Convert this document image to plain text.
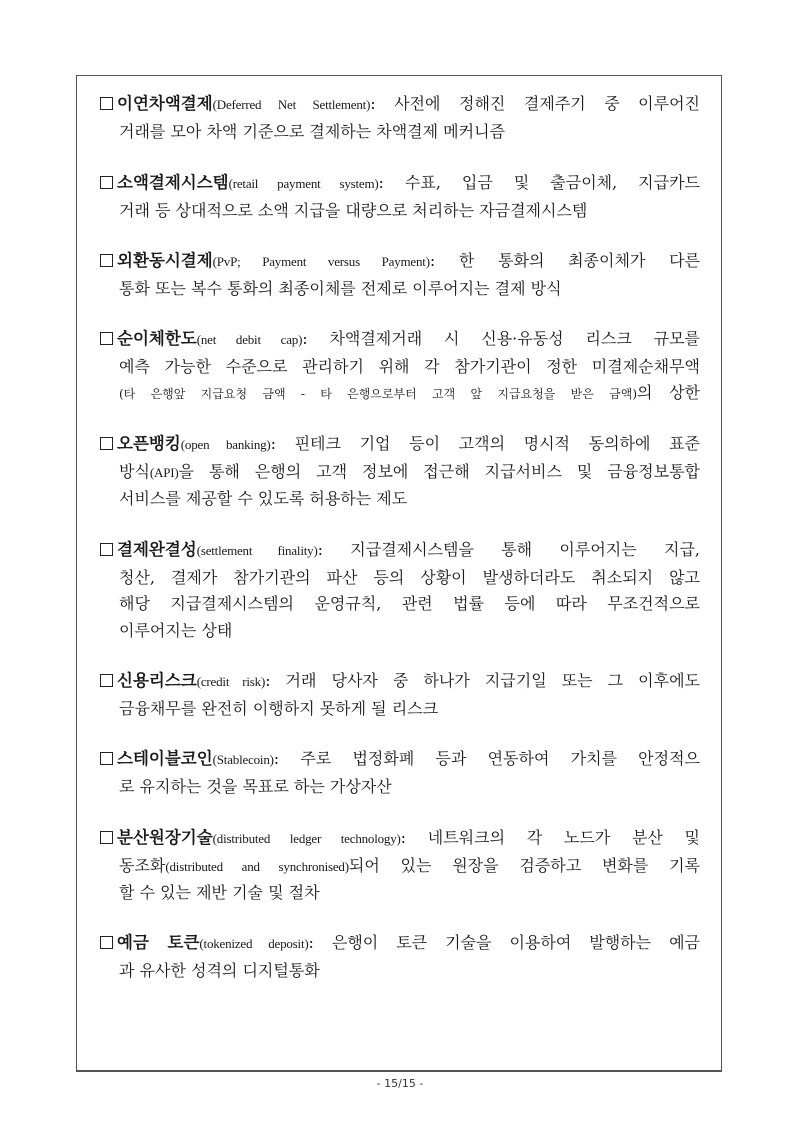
이연차액결제(Deferred Net Settlement): 사전에 정해진 결제주기 중 이루어진
거래를 모아 차액 기준으로 결제하는 차액결제 메커니즘
소액결제시스템(retail payment system): 수표, 입금 및 출금이체, 지급카드
거래 등 상대적으로 소액 지급을 대량으로 처리하는 자금결제시스템
외환동시결제(PvP; Payment versus Payment): 한 통화의 최종이체가 다른
통화 또는 복수 통화의 최종이체를 전제로 이루어지는 결제 방식
순이체한도(net debit cap): 차액결제거래 시 신용·유동성 리스크 규모를
예측 가능한 수준으로 관리하기 위해 각 참가기관이 정한 미결제순채무액
(타 은행앞 지급요청 금액 - 타 은행으로부터 고객 앞 지급요청을 받은 금액)의 상한
오픈뱅킹(open banking): 핀테크 기업 등이 고객의 명시적 동의하에 표준
방식(API)을 통해 은행의 고객 정보에 접근해 지급서비스 및 금융정보통합
서비스를 제공할 수 있도록 허용하는 제도
결제완결성(settlement finality): 지급결제시스템을 통해 이루어지는 지급,
청산, 결제가 참가기관의 파산 등의 상황이 발생하더라도 취소되지 않고
해당 지급결제시스템의 운영규칙, 관련 법률 등에 따라 무조건적으로
이루어지는 상태
신용리스크(credit risk): 거래 당사자 중 하나가 지급기일 또는 그 이후에도
금융채무를 완전히 이행하지 못하게 될 리스크
스테이블코인(Stablecoin): 주로 법정화폐 등과 연동하여 가치를 안정적으
로 유지하는 것을 목표로 하는 가상자산
분산원장기술(distributed ledger technology): 네트워크의 각 노드가 분산 및
동조화(distributed and synchronised)되어 있는 원장을 검증하고 변화를 기록
할 수 있는 제반 기술 및 절차
예금 토큰(tokenized deposit): 은행이 토큰 기술을 이용하여 발행하는 예금
과 유사한 성격의 디지털통화
- 15/15 -
